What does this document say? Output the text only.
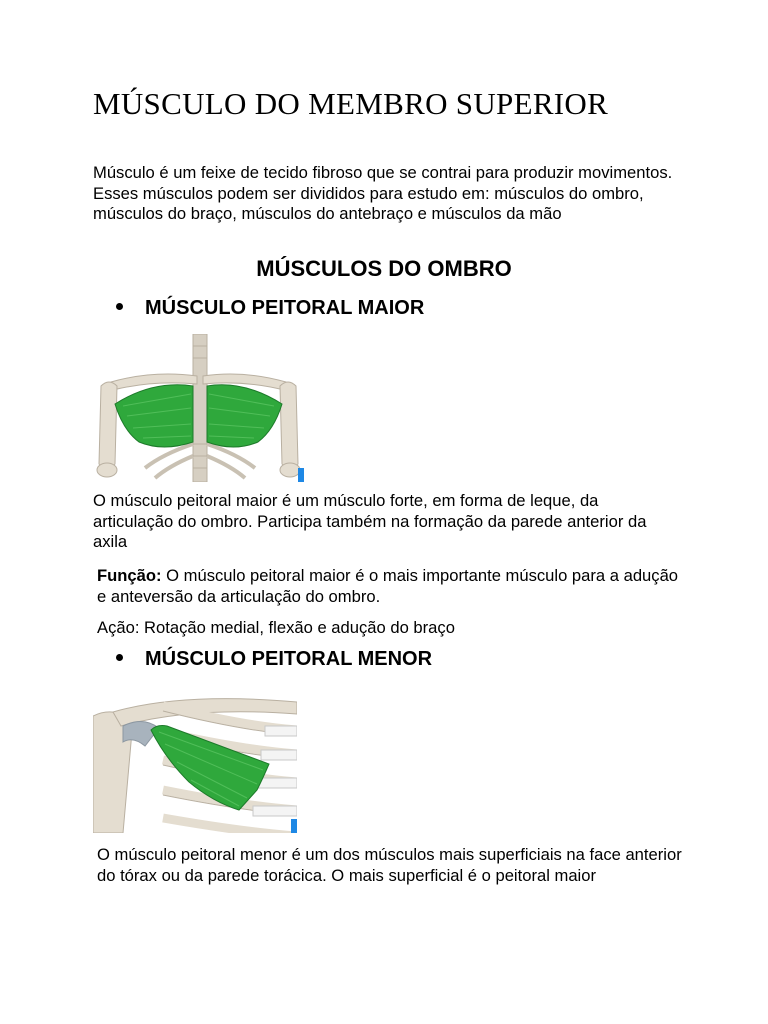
MÚSCULO DO MEMBRO SUPERIOR

Músculo é um feixe de tecido fibroso que se contrai para produzir movimentos. Esses músculos podem ser divididos para estudo em: músculos do ombro, músculos do braço, músculos do antebraço e músculos da mão

MÚSCULOS DO OMBRO
MÚSCULO PEITORAL MAIOR

O músculo peitoral maior é um músculo forte, em forma de leque, da articulação do ombro. Participa também na formação da parede anterior da axila

Função: O músculo peitoral maior é o mais importante músculo para a adução e anteversão da articulação do ombro.

Ação: Rotação medial, flexão e adução do braço

MÚSCULO PEITORAL MENOR

O músculo peitoral menor é um dos músculos mais superficiais na face anterior do tórax ou da parede torácica. O mais superficial é o peitoral maior
